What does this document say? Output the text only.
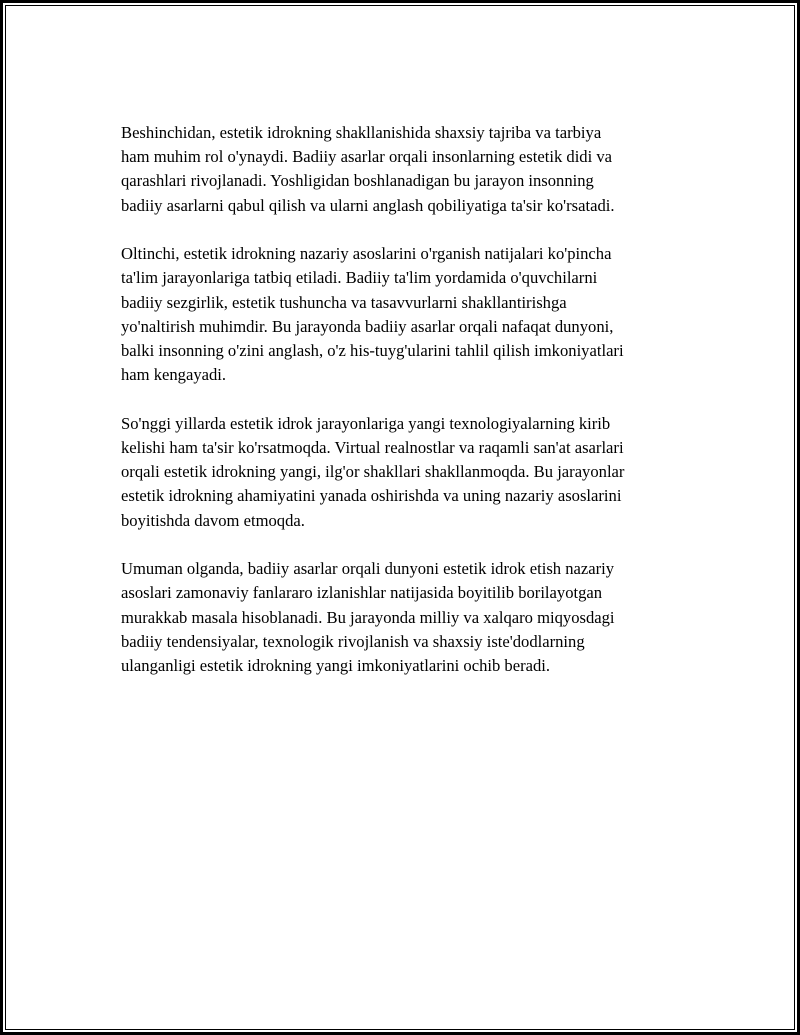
Beshinchidan, estetik idrokning shakllanishida shaxsiy tajriba va tarbiya
ham muhim rol o'ynaydi. Badiiy asarlar orqali insonlarning estetik didi va
qarashlari rivojlanadi. Yoshligidan boshlanadigan bu jarayon insonning
badiiy asarlarni qabul qilish va ularni anglash qobiliyatiga ta'sir ko'rsatadi.

Oltinchi, estetik idrokning nazariy asoslarini o'rganish natijalari ko'pincha
ta'lim jarayonlariga tatbiq etiladi. Badiiy ta'lim yordamida o'quvchilarni
badiiy sezgirlik, estetik tushuncha va tasavvurlarni shakllantirishga
yo'naltirish muhimdir. Bu jarayonda badiiy asarlar orqali nafaqat dunyoni,
balki insonning o'zini anglash, o'z his-tuyg'ularini tahlil qilish imkoniyatlari
ham kengayadi.

So'nggi yillarda estetik idrok jarayonlariga yangi texnologiyalarning kirib
kelishi ham ta'sir ko'rsatmoqda. Virtual realnostlar va raqamli san'at asarlari
orqali estetik idrokning yangi, ilg'or shakllari shakllanmoqda. Bu jarayonlar
estetik idrokning ahamiyatini yanada oshirishda va uning nazariy asoslarini
boyitishda davom etmoqda.

Umuman olganda, badiiy asarlar orqali dunyoni estetik idrok etish nazariy
asoslari zamonaviy fanlararo izlanishlar natijasida boyitilib borilayotgan
murakkab masala hisoblanadi. Bu jarayonda milliy va xalqaro miqyosdagi
badiiy tendensiyalar, texnologik rivojlanish va shaxsiy iste'dodlarning
ulanganligi estetik idrokning yangi imkoniyatlarini ochib beradi.
